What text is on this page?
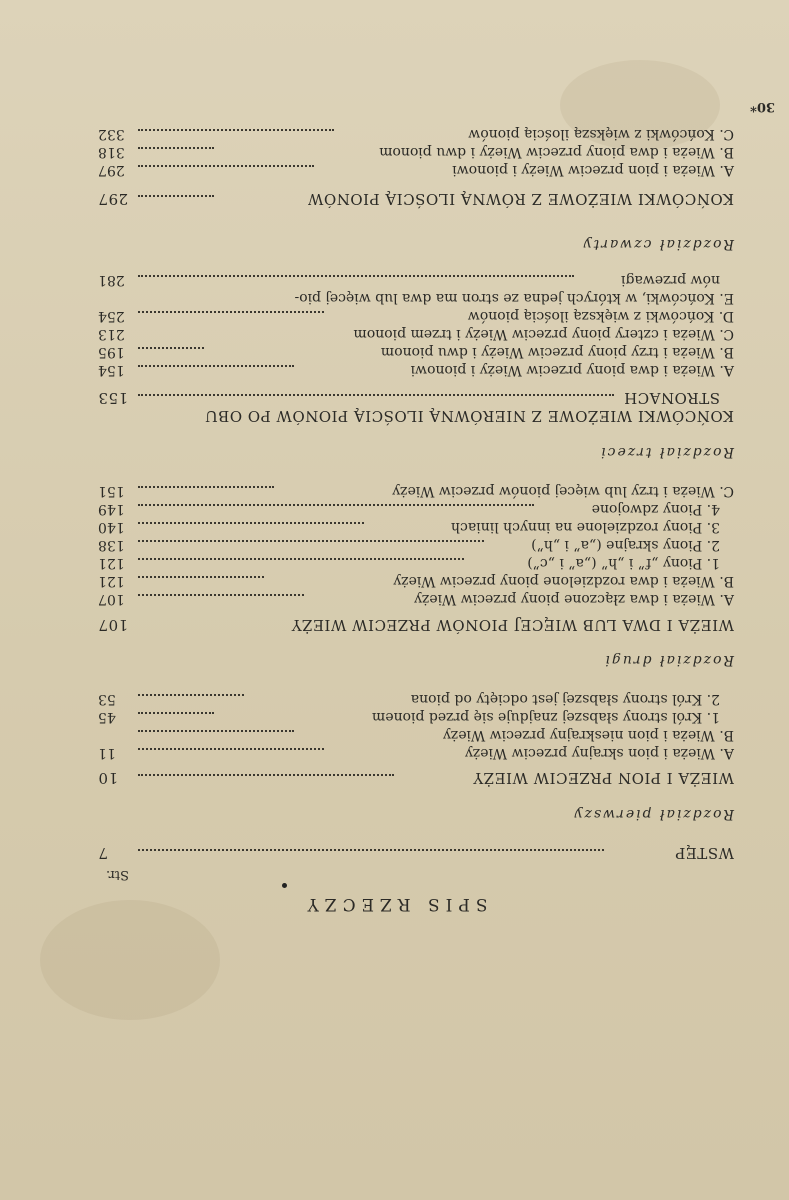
30*
SPIS RZECZY
Str.
WSTĘP
7
Rozdział pierwszy
WIEŻA I PION PRZECIW WIEŻY
10
A. Wieża i pion skrajny przeciw Wieży
11
B. Wieża i pion nieskrajny przeciw Wieży
1. Król strony słabszej znajduje się przed pionem
45
2. Król strony słabszej jest odcięty od piona
53
Rozdział drugi
WIEŻA I DWA LUB WIĘCEJ PIONÓW PRZECIW WIEŻY
107
A. Wieża i dwa złączone piony przeciw Wieży
107
B. Wieża i dwa rozdzielone piony przeciw Wieży
121
1. Piony „f” i „h” („a” i „c”)
121
2. Piony skrajne („a” i „h”)
138
3. Piony rozdzielone na innych liniach
140
4. Piony zdwojone
149
C. Wieża i trzy lub więcej pionów przeciw Wieży
151
Rozdział trzeci
KOŃCÓWKI WIEŻOWE Z NIERÓWNĄ ILOŚCIĄ PIONÓW PO OBU
STRONACH
153
A. Wieża i dwa piony przeciw Wieży i pionowi
154
B. Wieża i trzy piony przeciw Wieży i dwu pionom
195
C. Wieża i cztery piony przeciw Wieży i trzem pionom
213
D. Końcówki z większą ilością pionów
254
E. Końcówki, w których jedna ze stron ma dwa lub więcej pio-
nów przewagi
281
Rozdział czwarty
KOŃCÓWKI WIEŻOWE Z RÓWNĄ ILOŚCIĄ PIONÓW
297
A. Wieża i pion przeciw Wieży i pionowi
297
B. Wieża i dwa piony przeciw Wieży i dwu pionom
318
C. Końcówki z większą ilością pionów
332
